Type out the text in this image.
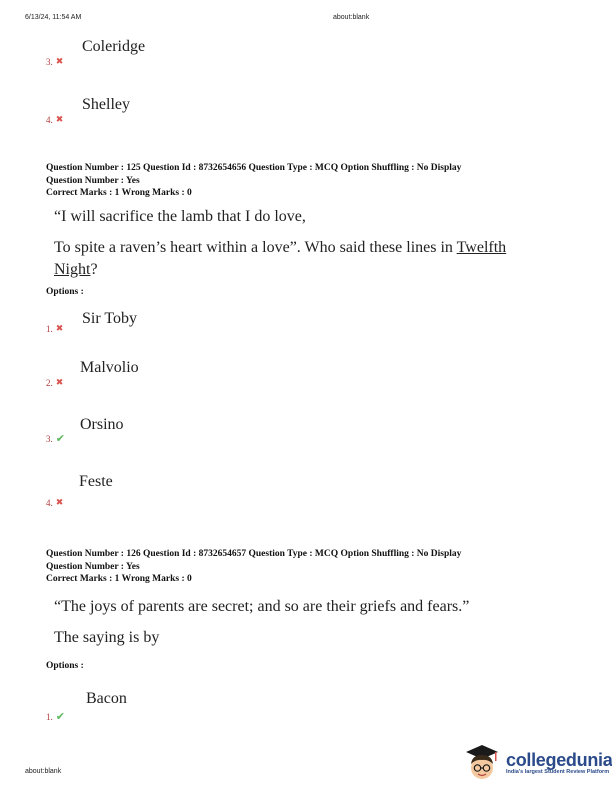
6/13/24, 11:54 AM	about:blank
Coleridge
3. ✖
Shelley
4. ✖
Question Number : 125 Question Id : 8732654656 Question Type : MCQ Option Shuffling : No Display
Question Number : Yes
Correct Marks : 1 Wrong Marks : 0
“I will sacrifice the lamb that I do love,
To spite a raven’s heart within a love”. Who said these lines in Twelfth
Night?
Options :
Sir Toby
1. ✖
Malvolio
2. ✖
Orsino
3. ✔
Feste
4. ✖
Question Number : 126 Question Id : 8732654657 Question Type : MCQ Option Shuffling : No Display
Question Number : Yes
Correct Marks : 1 Wrong Marks : 0
“The joys of parents are secret; and so are their griefs and fears.”
The saying is by
Options :
Bacon
1. ✔
about:blank
collegedunia
India's largest Student Review Platform
